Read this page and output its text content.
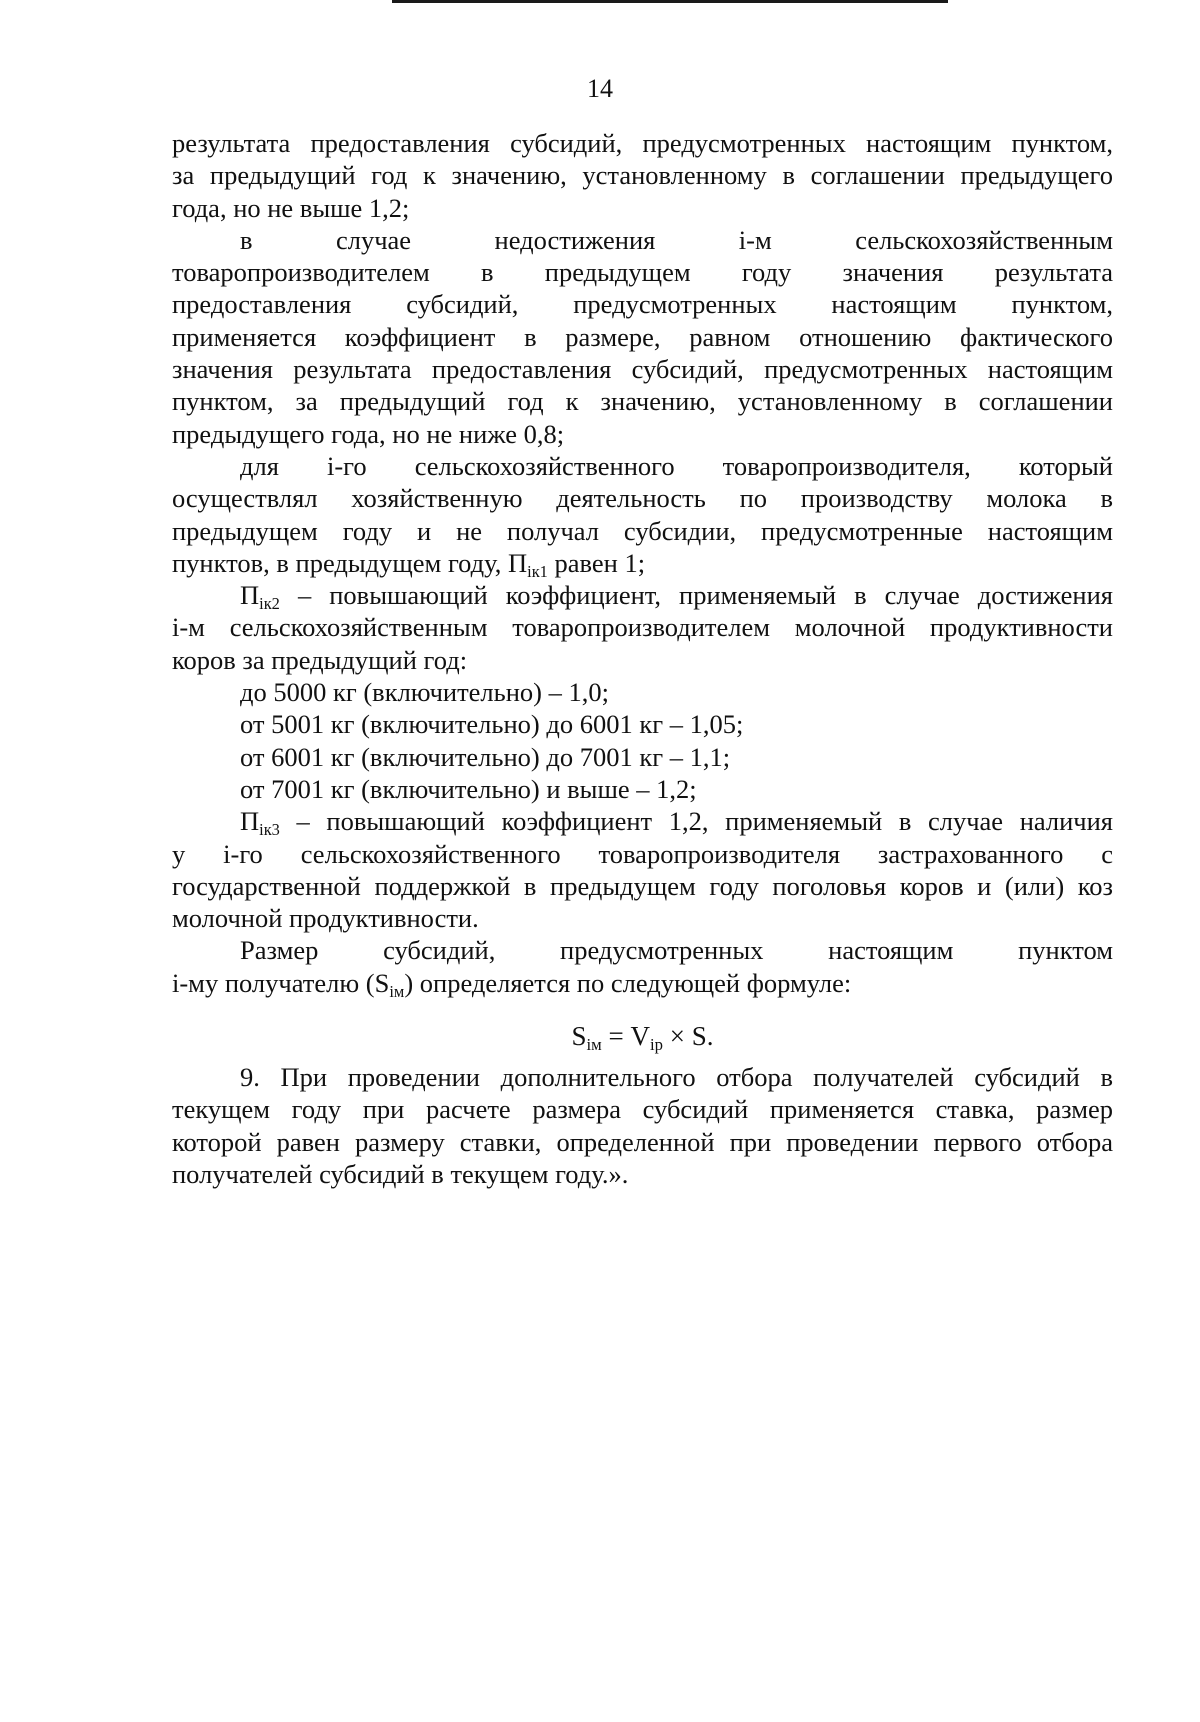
14

результата предоставления субсидий, предусмотренных настоящим пунктом,
за предыдущий год к значению, установленному в соглашении предыдущего
года, но не выше 1,2;

в случае недостижения i-м сельскохозяйственным
товаропроизводителем в предыдущем году значения результата
предоставления субсидий, предусмотренных настоящим пунктом,
применяется коэффициент в размере, равном отношению фактического
значения результата предоставления субсидий, предусмотренных настоящим
пунктом, за предыдущий год к значению, установленному в соглашении
предыдущего года, но не ниже 0,8;

для i-го сельскохозяйственного товаропроизводителя, который
осуществлял хозяйственную деятельность по производству молока в
предыдущем году и не получал субсидии, предусмотренные настоящим
пунктов, в предыдущем году, $П_{iк1}$ равен 1;

$П_{iк2}$ – повышающий коэффициент, применяемый в случае достижения
i-м сельскохозяйственным товаропроизводителем молочной продуктивности
коров за предыдущий год:

до 5000 кг (включительно) – 1,0;
от 5001 кг (включительно) до 6001 кг – 1,05;
от 6001 кг (включительно) до 7001 кг – 1,1;
от 7001 кг (включительно) и выше – 1,2;

$П_{iк3}$ – повышающий коэффициент 1,2, применяемый в случае наличия
у i-го сельскохозяйственного товаропроизводителя застрахованного с
государственной поддержкой в предыдущем году поголовья коров и (или) коз
молочной продуктивности.

Размер субсидий, предусмотренных настоящим пунктом
i-му получателю $(S_{iм})$ определяется по следующей формуле:

$S_{iм} = V_{ip} \times S$.

9. При проведении дополнительного отбора получателей субсидий в
текущем году при расчете размера субсидий применяется ставка, размер
которой равен размеру ставки, определенной при проведении первого отбора
получателей субсидий в текущем году.».
